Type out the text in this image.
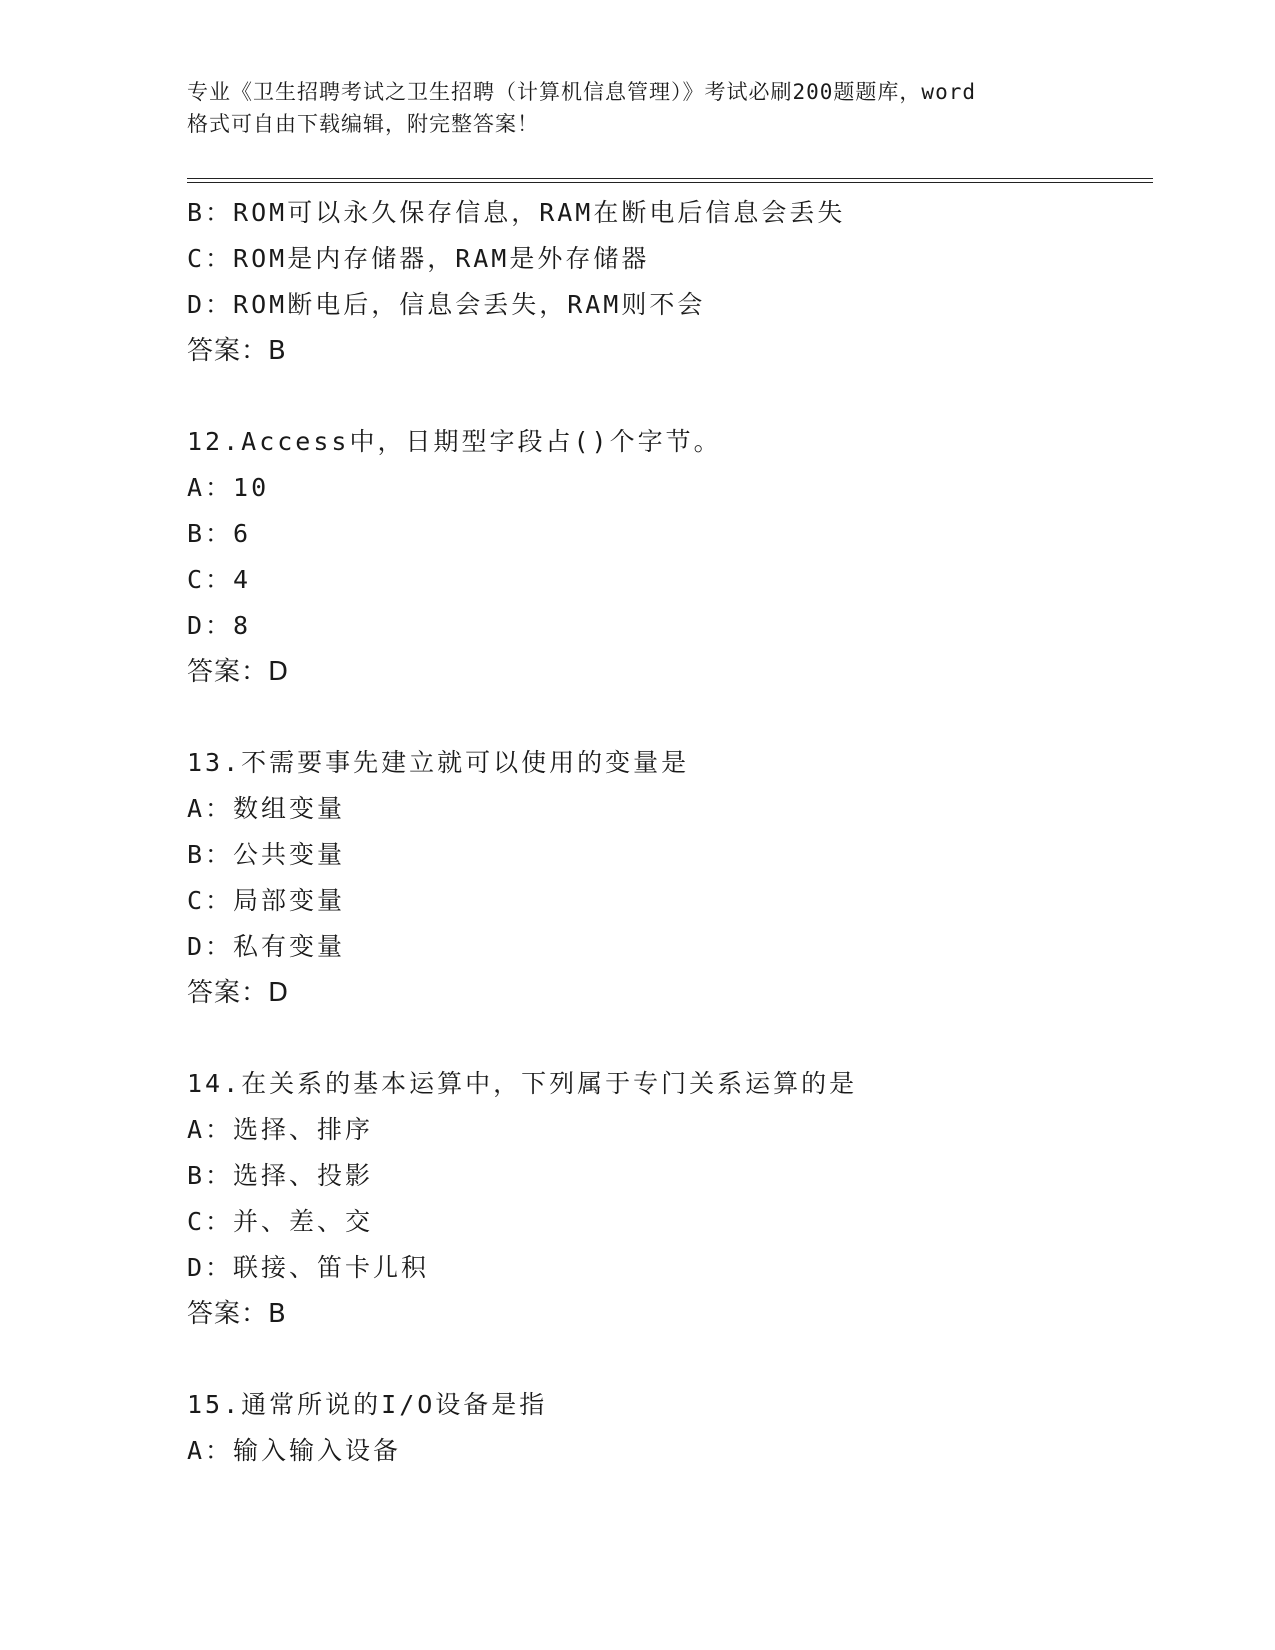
专业《卫生招聘考试之卫生招聘（计算机信息管理）》考试必刷200题题库，word
格式可自由下载编辑，附完整答案！
B：ROM可以永久保存信息，RAM在断电后信息会丢失
C：ROM是内存储器，RAM是外存储器
D：ROM断电后，信息会丢失，RAM则不会
答案：B
12.Access中，日期型字段占()个字节。
A：10
B：6
C：4
D：8
答案：D
13.不需要事先建立就可以使用的变量是
A：数组变量
B：公共变量
C：局部变量
D：私有变量
答案：D
14.在关系的基本运算中，下列属于专门关系运算的是
A：选择、排序
B：选择、投影
C：并、差、交
D：联接、笛卡儿积
答案：B
15.通常所说的I/O设备是指
A：输入输入设备
